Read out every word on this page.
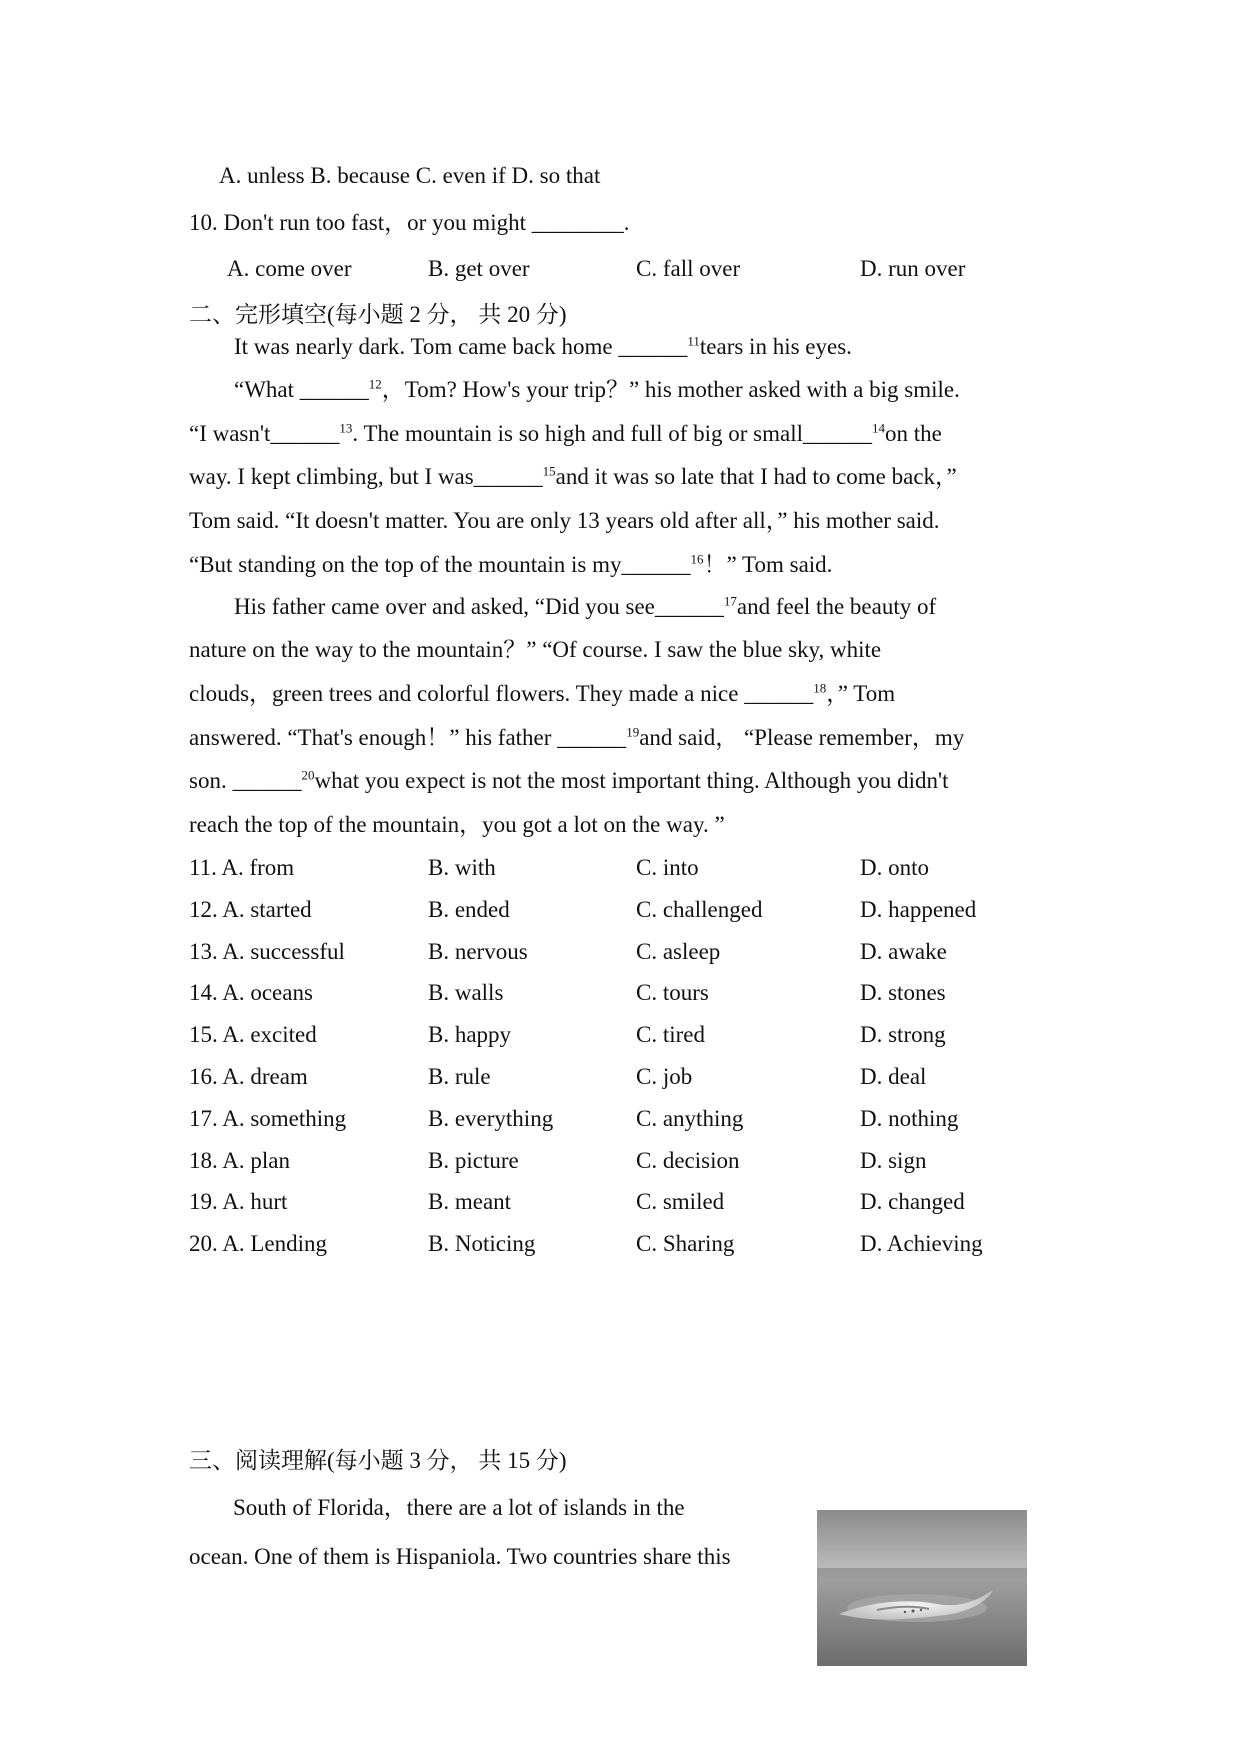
A. unless B. because C. even if D. so that
10. Don't run too fast，or you might ________.
A. come over	B. get over	C. fall over	D. run over
二、完形填空(每小题 2 分， 共 20 分)
It was nearly dark. Tom came back home ______$^{11}$tears in his eyes.
“What ______$^{12}$，Tom? How's your trip？” his mother asked with a big smile.
“I wasn't______$^{13}$. The mountain is so high and full of big or small______$^{14}$on the
way. I kept climbing, but I was______$^{15}$and it was so late that I had to come back，”
Tom said. “It doesn't matter. You are only 13 years old after all，” his mother said.
“But standing on the top of the mountain is my______$^{16}$！” Tom said.
His father came over and asked, “Did you see______$^{17}$and feel the beauty of
nature on the way to the mountain？” “Of course. I saw the blue sky, white
clouds，green trees and colorful flowers. They made a nice ______$^{18}$，” Tom
answered. “That's enough！” his father ______$^{19}$and said， “Please remember，my
son. ______$^{20}$what you expect is not the most important thing. Although you didn't
reach the top of the mountain，you got a lot on the way. ”
11. A. from	B. with	C. into	D. onto
12. A. started	B. ended	C. challenged	D. happened
13. A. successful	B. nervous	C. asleep	D. awake
14. A. oceans	B. walls	C. tours	D. stones
15. A. excited	B. happy	C. tired	D. strong
16. A. dream	B. rule	C. job	D. deal
17. A. something	B. everything	C. anything	D. nothing
18. A. plan	B. picture	C. decision	D. sign
19. A. hurt	B. meant	C. smiled	D. changed
20. A. Lending	B. Noticing	C. Sharing	D. Achieving
三、阅读理解(每小题 3 分， 共 15 分)
South of Florida，there are a lot of islands in the
ocean. One of them is Hispaniola. Two countries share this
